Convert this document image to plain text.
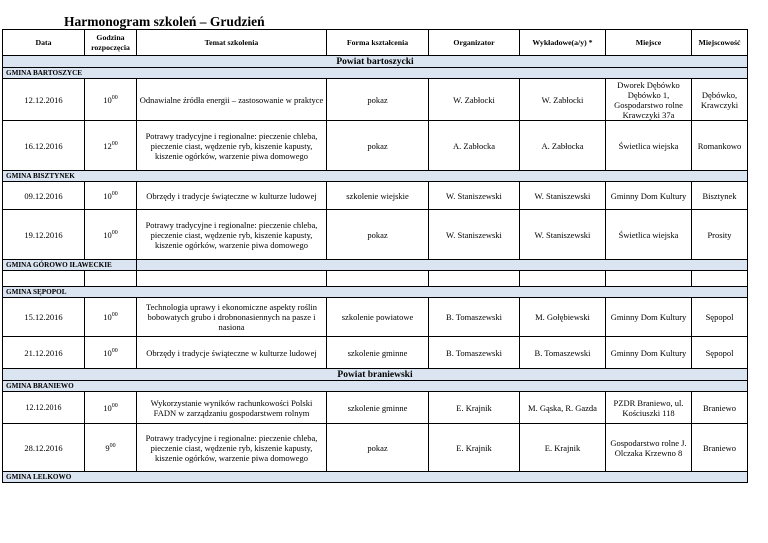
Harmonogram szkoleń – Grudzień
Data	Godzina rozpoczęcia	Temat szkolenia	Forma kształcenia	Organizator	Wykładowe(a/y) *	Miejsce	Miejscowość
Powiat bartoszycki							
GMINA BARTOSZYCE							
12.12.2016	$10^{00}$	Odnawialne źródła energii – zastosowanie w praktyce	pokaz	W. Zabłocki	W. Zabłocki	Dworek Dębówko Dębówko 1, Gospodarstwo rolne Krawczyki 37a	Dębówko, Krawczyki
16.12.2016	$12^{00}$	Potrawy tradycyjne i regionalne: pieczenie chleba, pieczenie ciast, wędzenie ryb, kiszenie kapusty, kiszenie ogórków, warzenie piwa domowego	pokaz	A. Zabłocka	A. Zabłocka	Świetlica wiejska	Romankowo
GMINA BISZTYNEK							
09.12.2016	$10^{00}$	Obrzędy i tradycje świąteczne w kulturze ludowej	szkolenie wiejskie	W. Staniszewski	W. Staniszewski	Gminny Dom Kultury	Bisztynek
19.12.2016	$10^{00}$	Potrawy tradycyjne i regionalne: pieczenie chleba, pieczenie ciast, wędzenie ryb, kiszenie kapusty, kiszenie ogórków, warzenie piwa domowego	pokaz	W. Staniszewski	W. Staniszewski	Świetlica wiejska	Prosity
GMINA GÓROWO IŁAWECKIE							

GMINA SĘPOPOL							
15.12.2016	$10^{00}$	Technologia uprawy i ekonomiczne aspekty roślin bobowatych grubo i drobnonasiennych na pasze i nasiona	szkolenie powiatowe	B. Tomaszewski	M. Gołębiewski	Gminny Dom Kultury	Sępopol
21.12.2016	$10^{00}$	Obrzędy i tradycje świąteczne w kulturze ludowej	szkolenie gminne	B. Tomaszewski	B. Tomaszewski	Gminny Dom Kultury	Sępopol
Powiat braniewski							
GMINA BRANIEWO							
12.12.2016	$10^{00}$	Wykorzystanie wyników rachunkowości Polski FADN w zarządzaniu gospodarstwem rolnym	szkolenie gminne	E. Krajnik	M. Gąska, R. Gazda	PZDR Braniewo, ul. Kościuszki 118	Braniewo
28.12.2016	$9^{00}$	Potrawy tradycyjne i regionalne: pieczenie chleba, pieczenie ciast, wędzenie ryb, kiszenie kapusty, kiszenie ogórków, warzenie piwa domowego	pokaz	E. Krajnik	E. Krajnik	Gospodarstwo rolne J. Olczaka Krzewno 8	Braniewo
GMINA LELKOWO							
